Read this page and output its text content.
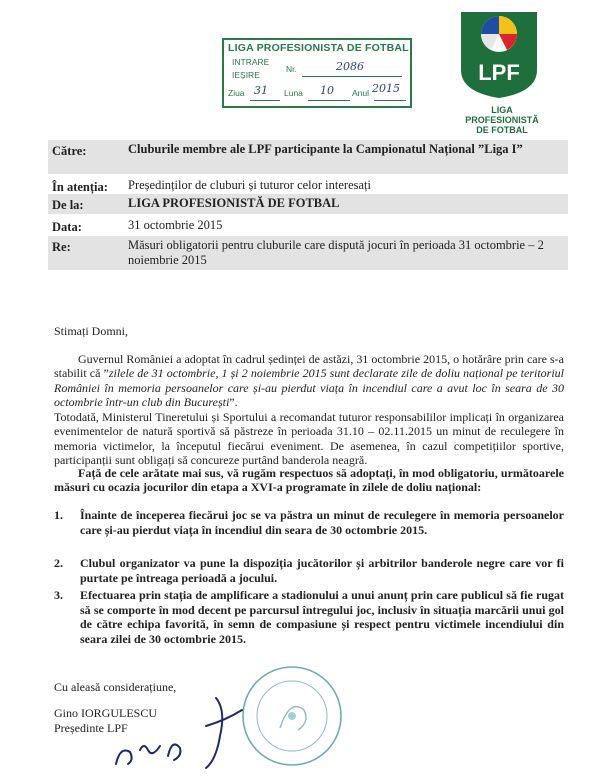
LIGA PROFESIONISTA DE FOTBAL
INTRARE
IEȘIRE
Nr.	2086
Ziua 31 Luna 10 Anul 2015
LPF
LIGA
PROFESIONISTĂ
DE FOTBAL
Către:	Cluburile membre ale LPF participante la Campionatul Național ”Liga I”
În atenția: Președinților de cluburi și tuturor celor interesați
De la:	LIGA PROFESIONISTĂ DE FOTBAL
Data:	31 octombrie 2015
Re:	Măsuri obligatorii pentru cluburile care dispută jocuri în perioada 31 octombrie – 2 noiembrie 2015
Stimați Domni,
Guvernul României a adoptat în cadrul ședinței de astăzi, 31 octombrie 2015, o hotărâre prin care s-a stabilit că ”zilele de 31 octombrie, 1 și 2 noiembrie 2015 sunt declarate zile de doliu național pe teritoriul României în memoria persoanelor care și-au pierdut viața în incendiul care a avut loc în seara de 30 octombrie într-un club din București”.
Totodată, Ministerul Tineretului și Sportului a recomandat tuturor responsabililor implicați în organizarea evenimentelor de natură sportivă să păstreze în perioada 31.10 – 02.11.2015 un minut de reculegere în memoria victimelor, la începutul fiecărui eveniment. De asemenea, în cazul competițiilor sportive, participanții sunt obligați să concureze purtând banderola neagră.
Față de cele arătate mai sus, vă rugăm respectuos să adoptați, în mod obligatoriu, următoarele măsuri cu ocazia jocurilor din etapa a XVI-a programate în zilele de doliu național:
1. Înainte de începerea fiecărui joc se va păstra un minut de reculegere în memoria persoanelor care și-au pierdut viața în incendiul din seara de 30 octombrie 2015.
2. Clubul organizator va pune la dispoziția jucătorilor și arbitrilor banderole negre care vor fi purtate pe întreaga perioadă a jocului.
3. Efectuarea prin stația de amplificare a stadionului a unui anunț prin care publicul să fie rugat să se comporte în mod decent pe parcursul întregului joc, inclusiv în situația marcării unui gol de către echipa favorită, în semn de compasiune și respect pentru victimele incendiului din seara zilei de 30 octombrie 2015.
Cu aleasă considerațiune,
Gino IORGULESCU
Președinte LPF
